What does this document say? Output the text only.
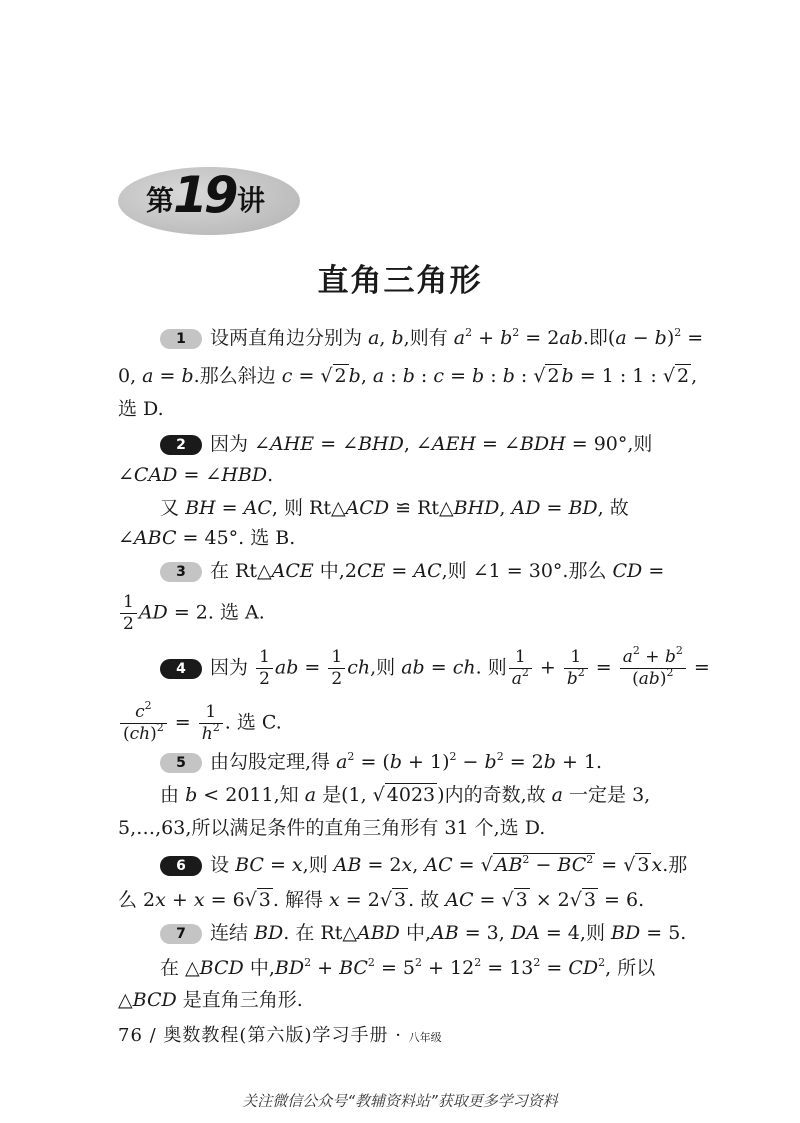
第
19 讲
直角三角形
1 设两直角边分别为 a, b,则有 $a^2 + b^2 = 2ab$.即$(a - b)^2$ =
0, a = b.那么斜边 c = √ 2 b, a : b : c = b : b : √ 2 b = 1 : 1 : √ 2 ,
选 D.
2 因为 ∠AHE = ∠BHD, ∠AEH = ∠BDH = 90°,则
∠CAD = ∠HBD.
又 BH = AC, 则 Rt△ACD ≌ Rt△BHD, AD = BD, 故
∠ABC = 45°. 选 B.
3 在 Rt△ACE 中,2CE = AC,则 ∠1 = 30°.那么 CD =
$\frac{1}{2}$ AD = 2. 选 A.
4 因为 $\frac{1}{2}$ ab = $\frac{1}{2}$ ch,则 ab = ch. 则 $\frac{1}{a^2} + \frac{1}{b^2} = \frac{a^2 + b^2}{(ab)^2}$ =
$\frac{c^2}{(ch)^2} = \frac{1}{h^2}$ . 选 C.
5 由勾股定理,得 $a^2 = (b + 1)^2 - b^2 = 2b + 1$.
由 b < 2011,知 a 是(1, √ 4023 )内的奇数,故 a 一定是 3,
5,…,63,所以满足条件的直角三角形有 31 个,选 D.
6 设 BC = x,则 AB = 2x, AC = √ $AB^2 - BC^2$ = √ 3 x.那
么 2x + x = 6√ 3 . 解得 x = 2√ 3 . 故 AC = √ 3 × 2√ 3 = 6.
7 连结 BD. 在 Rt△ABD 中,AB = 3, DA = 4,则 BD = 5.
在 △BCD 中$,BD^2 + BC^2 = 5^2 + 12^2 = 13^2 = CD^2$, 所以
△BCD 是直角三角形.
76 / 奥数教程(第六版)学习手册 · 八年级
关注微信公众号“教辅资料站”获取更多学习资料
